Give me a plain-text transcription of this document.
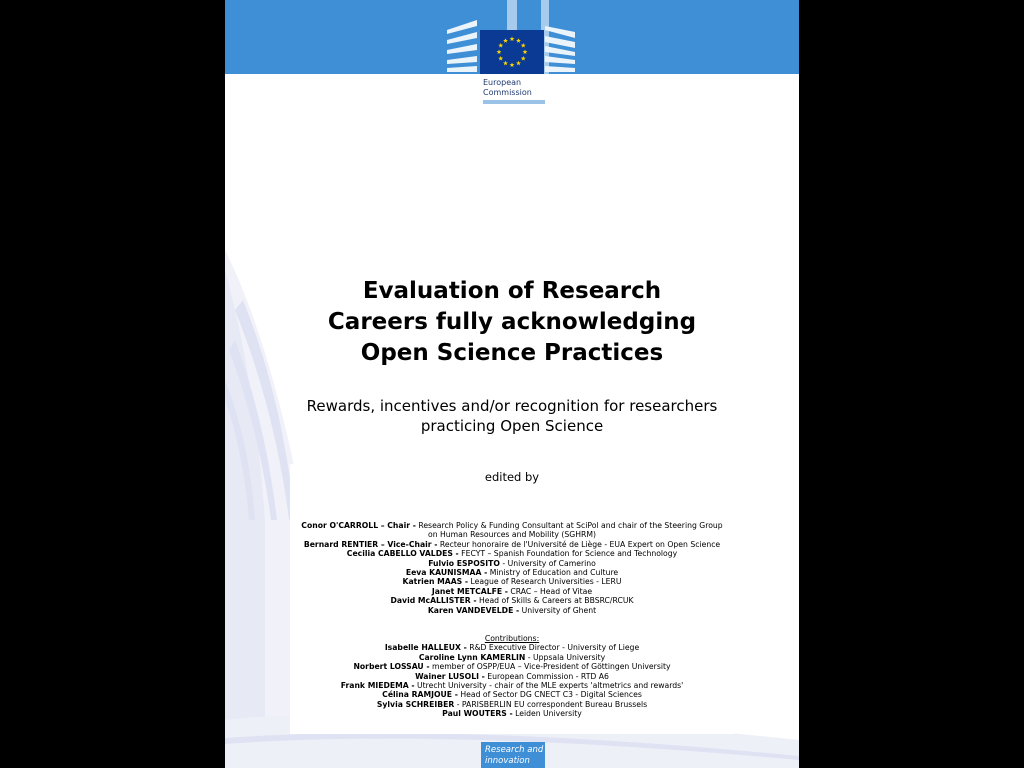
European
Commission
Evaluation of Research
Careers fully acknowledging
Open Science Practices
Rewards, incentives and/or recognition for researchers
practicing Open Science
edited by
Conor O'CARROLL – Chair - Research Policy & Funding Consultant at SciPol and chair of the Steering Group
on Human Resources and Mobility (SGHRM)
Bernard RENTIER – Vice-Chair - Recteur honoraire de l'Université de Liège - EUA Expert on Open Science
Cecilia CABELLO VALDES - FECYT – Spanish Foundation for Science and Technology
Fulvio ESPOSITO - University of Camerino
Eeva KAUNISMAA - Ministry of Education and Culture
Katrien MAAS - League of Research Universities - LERU
Janet METCALFE - CRAC – Head of Vitae
David McALLISTER - Head of Skills & Careers at BBSRC/RCUK
Karen VANDEVELDE - University of Ghent
Contributions:
Isabelle HALLEUX - R&D Executive Director - University of Liege
Caroline Lynn KAMERLIN - Uppsala University
Norbert LOSSAU - member of OSPP/EUA – Vice-President of Göttingen University
Wainer LUSOLI - European Commission - RTD A6
Frank MIEDEMA - Utrecht University - chair of the MLE experts 'altmetrics and rewards'
Célina RAMJOUE - Head of Sector DG CNECT C3 - Digital Sciences
Sylvia SCHREIBER - PARISBERLIN EU correspondent Bureau Brussels
Paul WOUTERS - Leiden University
Research and
innovation
